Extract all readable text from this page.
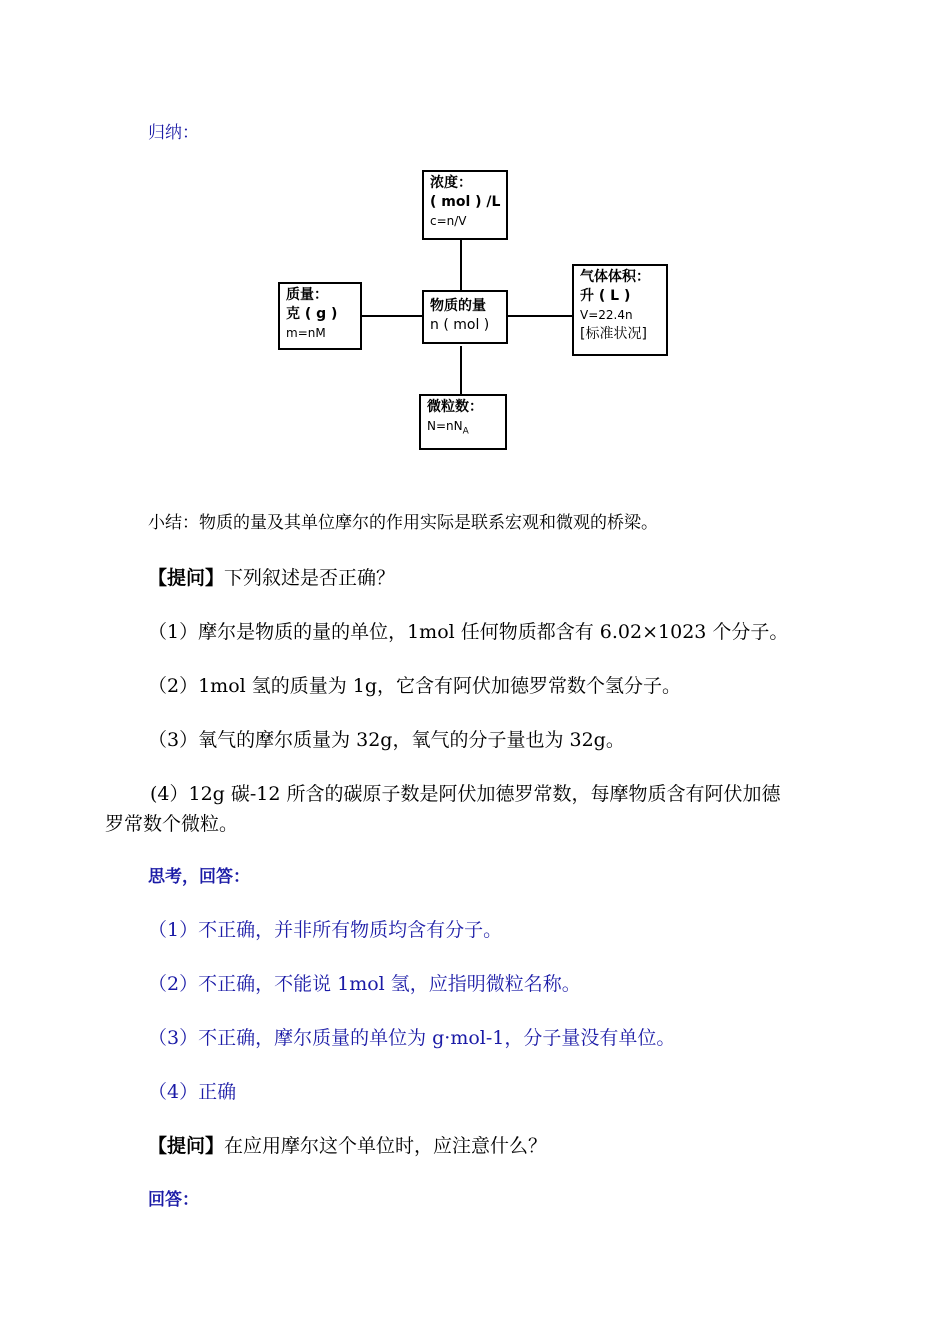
归纳：
浓度：
( mol ) /L
c=n/V
质量：
克 ( g )
m=nM
物质的量
n ( mol )
气体体积：
升 ( L )
V=22.4n
[标准状况]
微粒数：
$N=nN_A$
小结：物质的量及其单位摩尔的作用实际是联系宏观和微观的桥梁。
【提问】下列叙述是否正确？
（1）摩尔是物质的量的单位，1mol 任何物质都含有 6.02×1023 个分子。
（2）1mol 氢的质量为 1g，它含有阿伏加德罗常数个氢分子。
（3）氧气的摩尔质量为 32g，氧气的分子量也为 32g。
(4）12g 碳-12 所含的碳原子数是阿伏加德罗常数，每摩物质含有阿伏加德
罗常数个微粒。
思考，回答：
（1）不正确，并非所有物质均含有分子。
（2）不正确，不能说 1mol 氢，应指明微粒名称。
（3）不正确，摩尔质量的单位为 g·mol-1，分子量没有单位。
（4）正确
【提问】在应用摩尔这个单位时，应注意什么？
回答：
